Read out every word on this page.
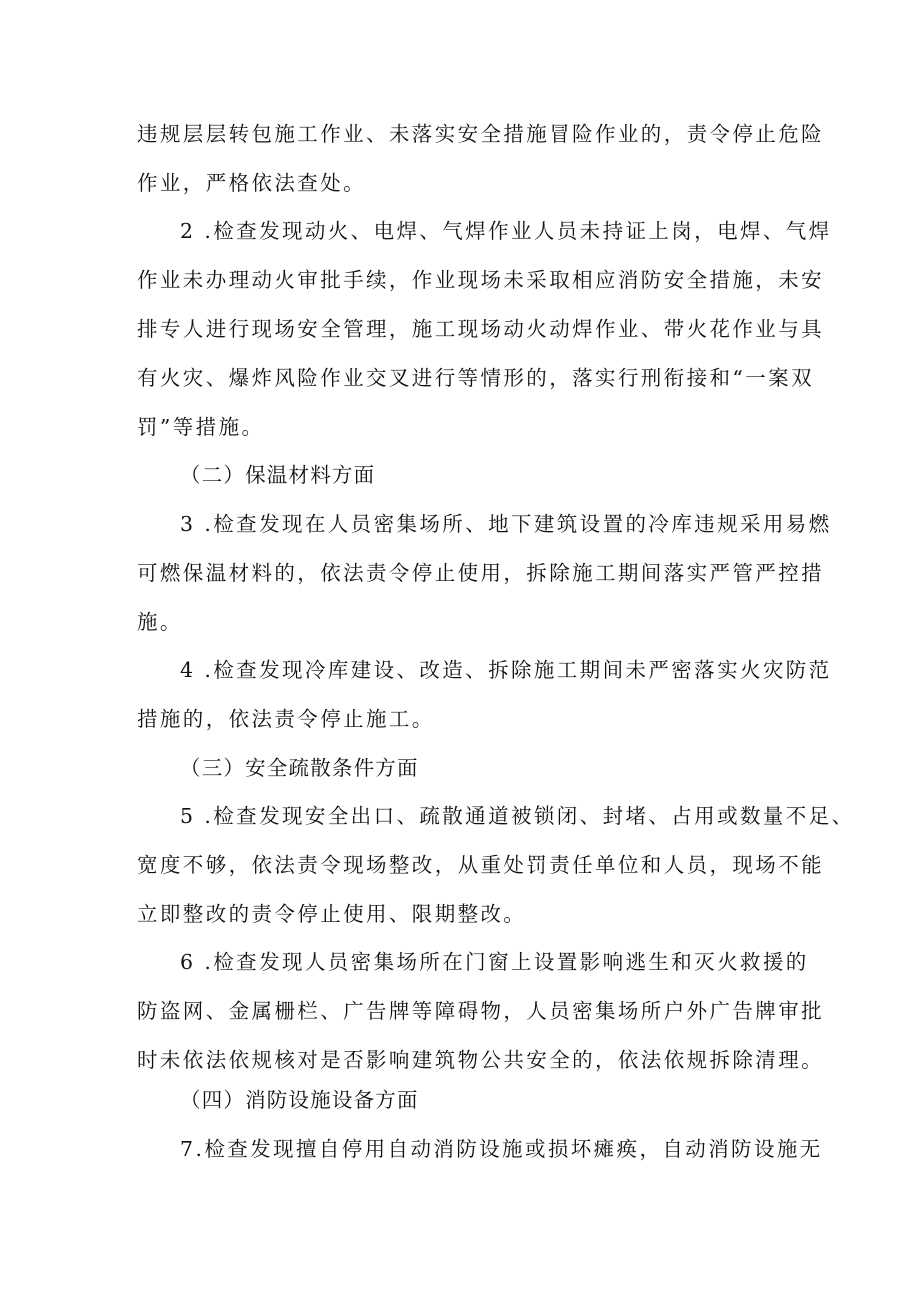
违规层层转包施工作业、未落实安全措施冒险作业的，责令停止危险
作业，严格依法查处。
2 .检查发现动火、电焊、气焊作业人员未持证上岗，电焊、气焊
作业未办理动火审批手续，作业现场未采取相应消防安全措施，未安
排专人进行现场安全管理，施工现场动火动焊作业、带火花作业与具
有火灾、爆炸风险作业交叉进行等情形的，落实行刑衔接和“一案双
罚”等措施。
（二）保温材料方面
3 .检查发现在人员密集场所、地下建筑设置的冷库违规采用易燃
可燃保温材料的，依法责令停止使用，拆除施工期间落实严管严控措
施。
4 .检查发现冷库建设、改造、拆除施工期间未严密落实火灾防范
措施的，依法责令停止施工。
（三）安全疏散条件方面
5 .检查发现安全出口、疏散通道被锁闭、封堵、占用或数量不足、
宽度不够，依法责令现场整改，从重处罚责任单位和人员，现场不能
立即整改的责令停止使用、限期整改。
6 .检查发现人员密集场所在门窗上设置影响逃生和灭火救援的
防盗网、金属栅栏、广告牌等障碍物，人员密集场所户外广告牌审批
时未依法依规核对是否影响建筑物公共安全的，依法依规拆除清理。
（四）消防设施设备方面
7.检查发现擅自停用自动消防设施或损坏瘫痪，自动消防设施无
